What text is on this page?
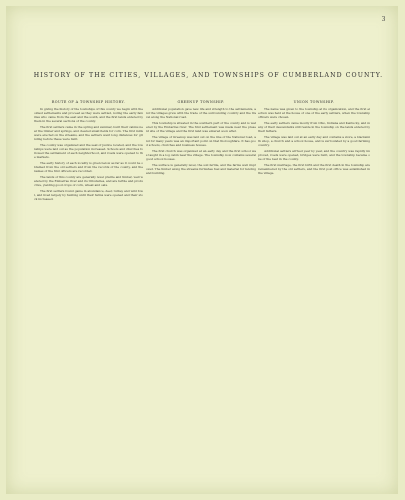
3
HISTORY OF THE CITIES, VILLAGES, AND TOWNSHIPS OF CUMBERLAND COUNTY.
ROUTE OF A TOWNSHIP HISTORY.

In giving the history of the townships of this county we begin with the oldest settlements and proceed as they were settled, noting the early families who came from the east and the south, and the first lands entered by them in the several sections of the county.

The first settlers came in the spring and summer, built their cabins near the timber and springs, and cleared small fields for corn. The first mills were erected on the streams, and the settlers went long distances for grinding before these were built.

The county was organized and the seat of justice located, and the townships were laid out as the population increased. Schools and churches followed the settlement of each neighborhood, and roads were opened to the markets.

The early history of each locality is given below as far as it could be obtained from the old settlers and from the records of the county, and the names of the first officers are recorded.

The lands of this county are generally level prairie and timber, well watered by the Embarras river and its tributaries, and are fertile and productive, yielding good crops of corn, wheat and oats.

The first settlers found game in abundance, deer, turkey and wild fowl, and lived largely by hunting until their farms were opened and their stock increased.

GREENUP TOWNSHIP.

Additional population gave new life and strength to the settlements, and the villages grew with the trade of the surrounding country and the travel along the National road.

This township is situated in the southern part of the county and is watered by the Embarras river. The first settlement was made near the present site of the village and the first land was entered soon after.

The village of Greenup was laid out on the line of the National road, and for many years was an important point on that thoroughfare. It has good schools, churches and business houses.

The first church was organized at an early day and the first school was taught in a log cabin near the village. The township now contains several good school houses.

The surface is generally level, the soil fertile, and the farms well improved. The timber along the streams furnishes fuel and material for fencing and building.

UNION TOWNSHIP.

The name was given to the township at its organization, and the first election was held at the house of one of the early settlers, when the township officers were chosen.

The early settlers came mostly from Ohio, Indiana and Kentucky, and many of their descendants still reside in the township on the lands entered by their fathers.

The village was laid out at an early day and contains a store, a blacksmith shop, a church and a school house, and is surrounded by a good farming country.

Additional settlers arrived year by year, and the country was rapidly improved, roads were opened, bridges were built, and the township became one of the best in the county.

The first marriage, the first birth and the first death in the township are remembered by the old settlers, and the first post office was established in the village.
